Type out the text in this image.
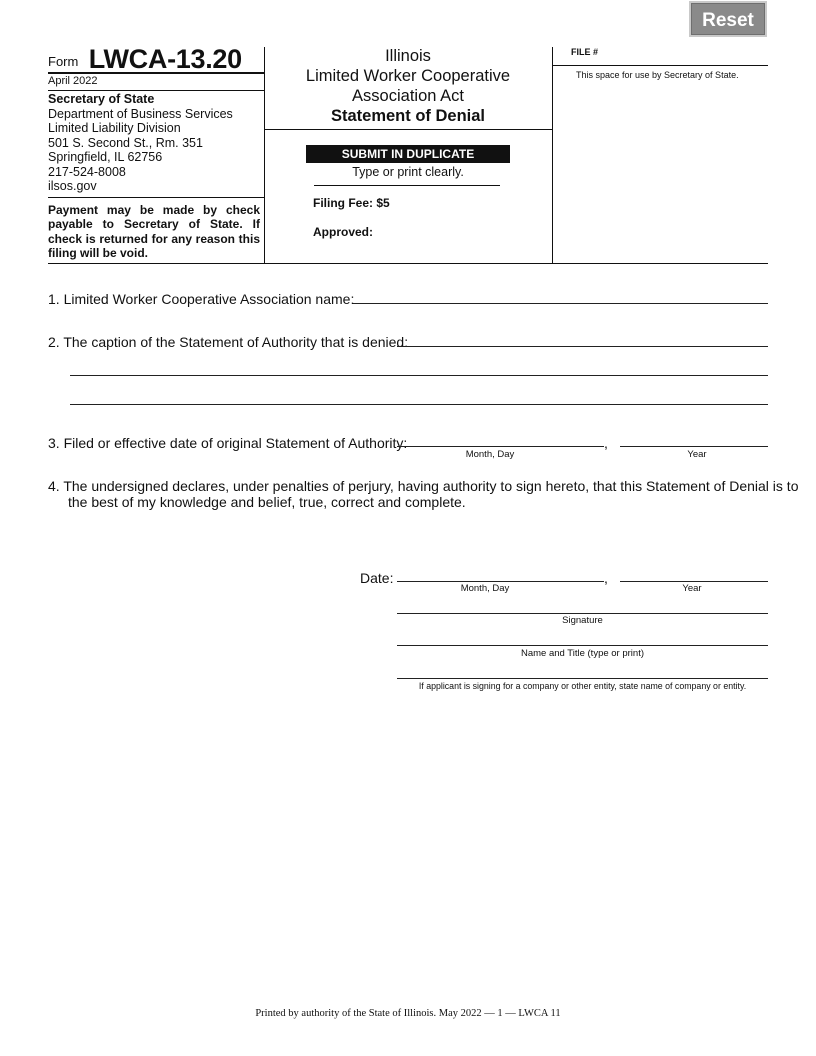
Reset
Form LWCA-13.20
April 2022
Secretary of State
Department of Business Services
Limited Liability Division
501 S. Second St., Rm. 351
Springfield, IL 62756
217-524-8008
ilsos.gov
Payment may be made by check payable to Secretary of State. If check is returned for any reason this filing will be void.
Illinois
Limited Worker Cooperative
Association Act
Statement of Denial
SUBMIT IN DUPLICATE
Type or print clearly.
Filing Fee: $5
Approved:
FILE #
This space for use by Secretary of State.
1. Limited Worker Cooperative Association name:
2. The caption of the Statement of Authority that is denied:
3. Filed or effective date of original Statement of Authority:	,
Month, Day	Year
4. The undersigned declares, under penalties of perjury, having authority to sign hereto, that this Statement of Denial is to
the best of my knowledge and belief, true, correct and complete.
Date:	,
Month, Day	Year
Signature
Name and Title (type or print)
If applicant is signing for a company or other entity, state name of company or entity.
Printed by authority of the State of Illinois. May 2022 — 1 — LWCA 11
